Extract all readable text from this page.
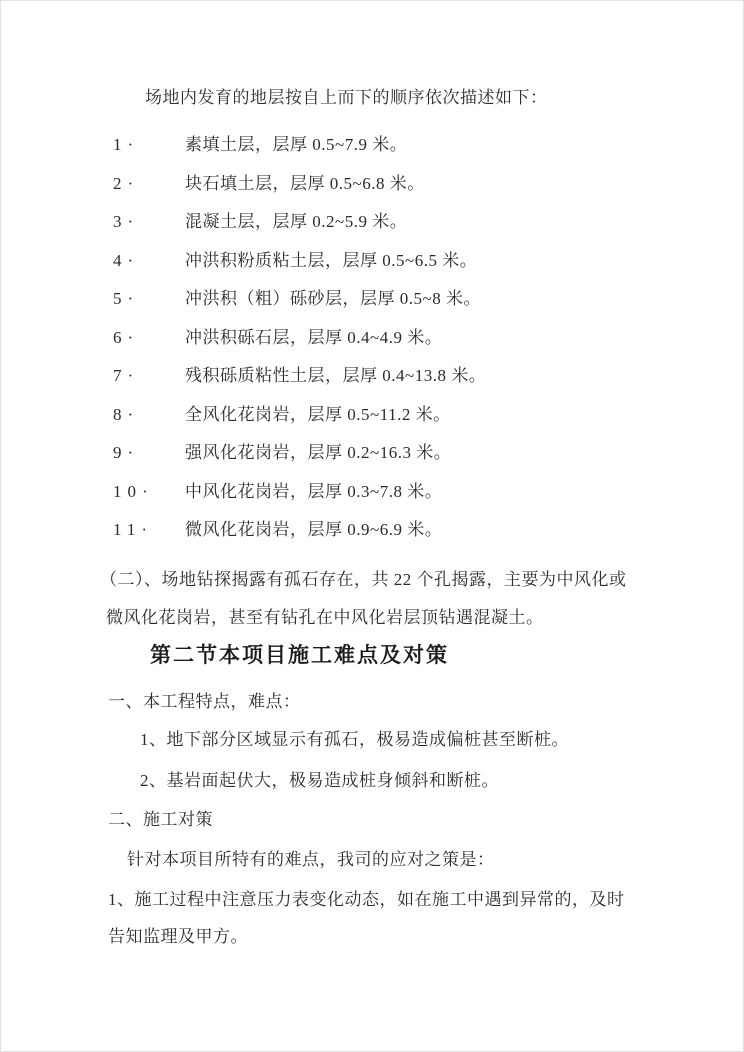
场地内发育的地层按自上而下的顺序依次描述如下：
1·	素填土层，层厚 0.5~7.9 米。
2·	块石填土层，层厚 0.5~6.8 米。
3·	混凝土层，层厚 0.2~5.9 米。
4·	冲洪积粉质粘土层，层厚 0.5~6.5 米。
5·	冲洪积（粗）砾砂层，层厚 0.5~8 米。
6·	冲洪积砾石层，层厚 0.4~4.9 米。
7·	残积砾质粘性土层，层厚 0.4~13.8 米。
8·	全风化花岗岩，层厚 0.5~11.2 米。
9·	强风化花岗岩，层厚 0.2~16.3 米。
10·	中风化花岗岩，层厚 0.3~7.8 米。
11·	微风化花岗岩，层厚 0.9~6.9 米。
（二）、场地钻探揭露有孤石存在，共 22 个孔揭露，主要为中风化或
微风化花岗岩，甚至有钻孔在中风化岩层顶钻遇混凝土。
第二节本项目施工难点及对策
一、本工程特点，难点：
1、地下部分区域显示有孤石，极易造成偏桩甚至断桩。
2、基岩面起伏大，极易造成桩身倾斜和断桩。
二、施工对策
针对本项目所特有的难点，我司的应对之策是：
1、施工过程中注意压力表变化动态，如在施工中遇到异常的，及时
告知监理及甲方。
